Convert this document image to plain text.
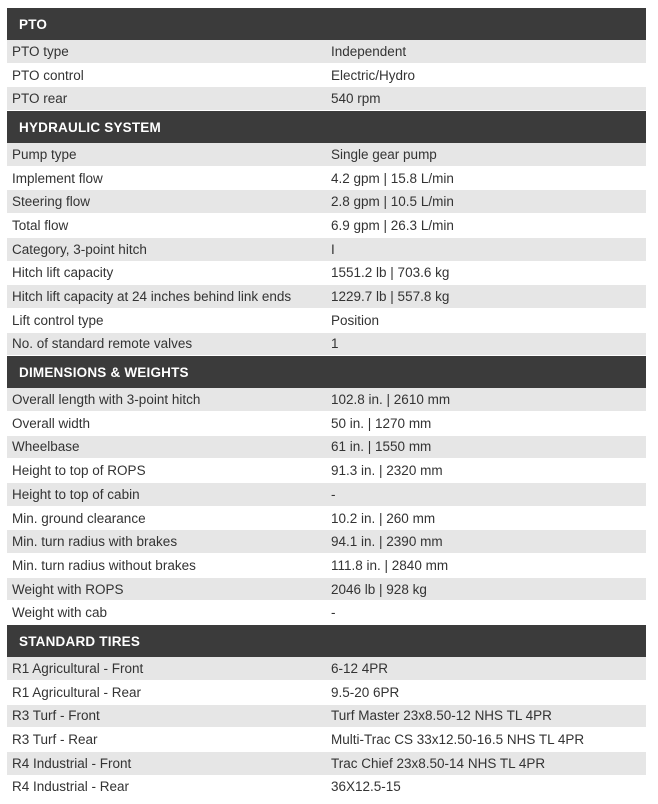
PTO
PTO type	Independent
PTO control	Electric/Hydro
PTO rear	540 rpm
HYDRAULIC SYSTEM
Pump type	Single gear pump
Implement flow	4.2 gpm | 15.8 L/min
Steering flow	2.8 gpm | 10.5 L/min
Total flow	6.9 gpm | 26.3 L/min
Category, 3-point hitch	I
Hitch lift capacity	1551.2 lb | 703.6 kg
Hitch lift capacity at 24 inches behind link ends	1229.7 lb | 557.8 kg
Lift control type	Position
No. of standard remote valves	1
DIMENSIONS & WEIGHTS
Overall length with 3-point hitch	102.8 in. | 2610 mm
Overall width	50 in. | 1270 mm
Wheelbase	61 in. | 1550 mm
Height to top of ROPS	91.3 in. | 2320 mm
Height to top of cabin	-
Min. ground clearance	10.2 in. | 260 mm
Min. turn radius with brakes	94.1 in. | 2390 mm
Min. turn radius without brakes	111.8 in. | 2840 mm
Weight with ROPS	2046 lb | 928 kg
Weight with cab	-
STANDARD TIRES
R1 Agricultural - Front	6-12 4PR
R1 Agricultural - Rear	9.5-20 6PR
R3 Turf - Front	Turf Master 23x8.50-12 NHS TL 4PR
R3 Turf - Rear	Multi-Trac CS 33x12.50-16.5 NHS TL 4PR
R4 Industrial - Front	Trac Chief 23x8.50-14 NHS TL 4PR
R4 Industrial - Rear	36X12.5-15
